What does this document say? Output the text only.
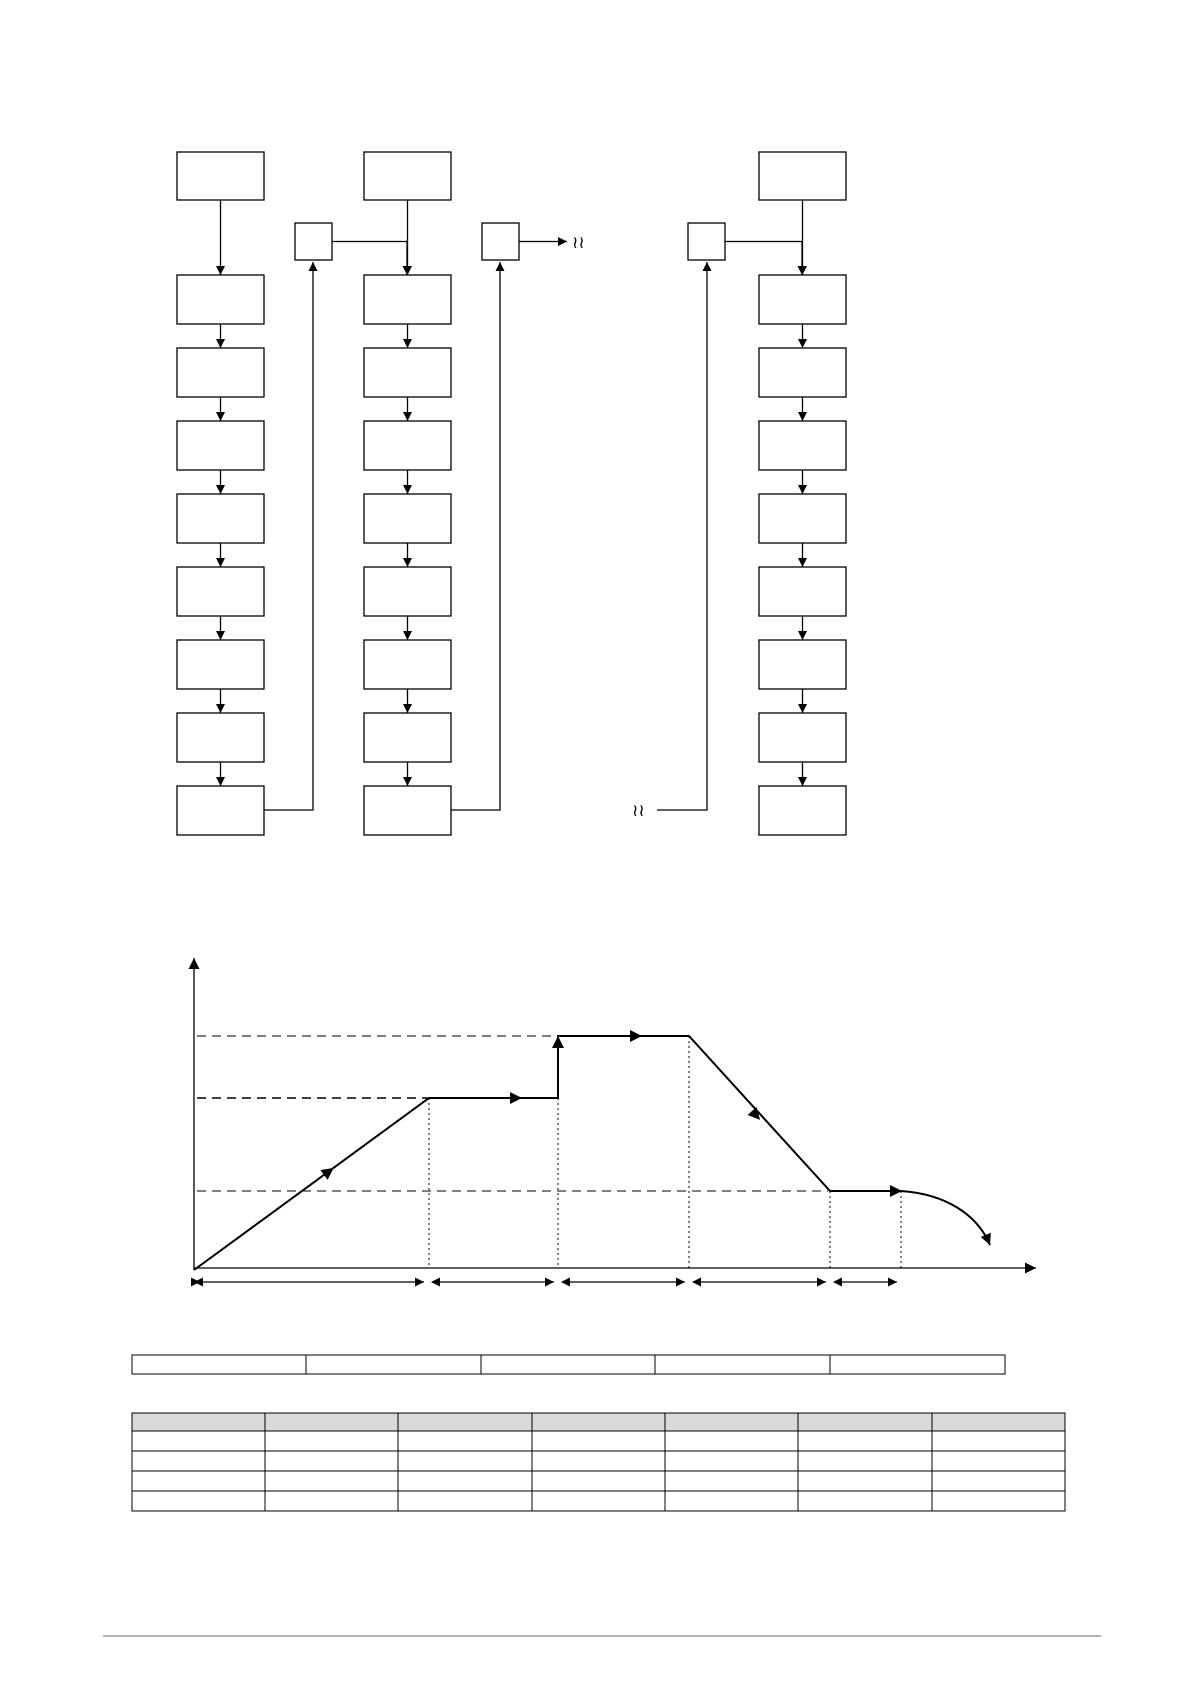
≀≀
≀≀
